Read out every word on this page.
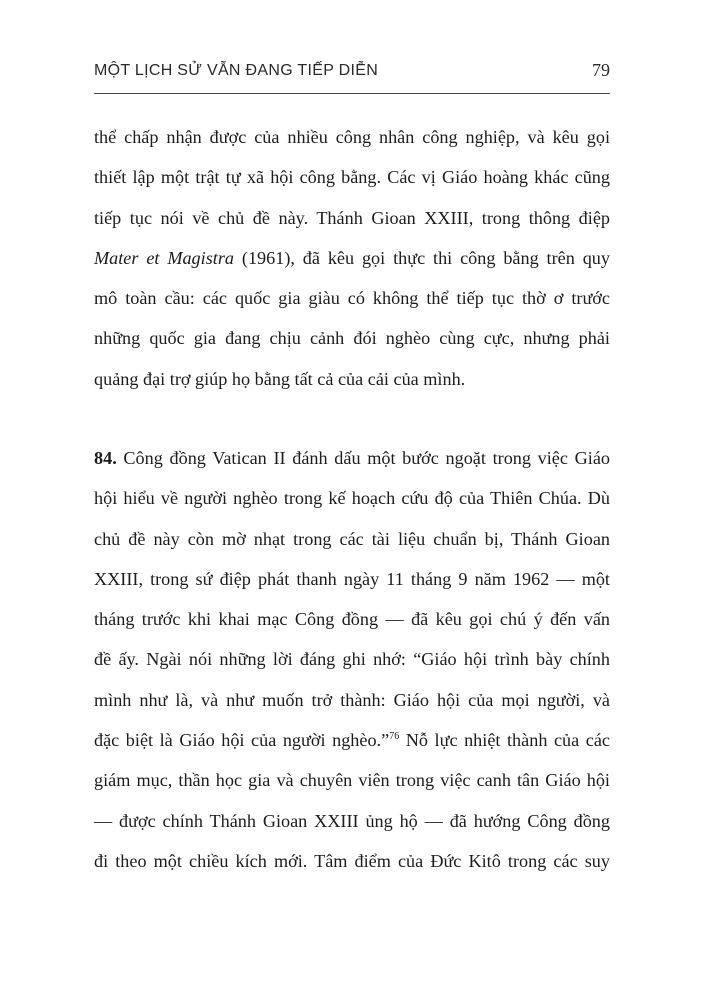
MỘT LỊCH SỬ VẪN ĐANG TIẾP DIỄN	79
thể chấp nhận được của nhiều công nhân công nghiệp, và kêu gọi
thiết lập một trật tự xã hội công bằng. Các vị Giáo hoàng khác cũng
tiếp tục nói về chủ đề này. Thánh Gioan XXIII, trong thông điệp
Mater et Magistra (1961), đã kêu gọi thực thi công bằng trên quy
mô toàn cầu: các quốc gia giàu có không thể tiếp tục thờ ơ trước
những quốc gia đang chịu cảnh đói nghèo cùng cực, nhưng phải
quảng đại trợ giúp họ bằng tất cả của cải của mình.
84. Công đồng Vatican II đánh dấu một bước ngoặt trong việc Giáo
hội hiểu về người nghèo trong kế hoạch cứu độ của Thiên Chúa. Dù
chủ đề này còn mờ nhạt trong các tài liệu chuẩn bị, Thánh Gioan
XXIII, trong sứ điệp phát thanh ngày 11 tháng 9 năm 1962 — một
tháng trước khi khai mạc Công đồng — đã kêu gọi chú ý đến vấn
đề ấy. Ngài nói những lời đáng ghi nhớ: “Giáo hội trình bày chính
mình như là, và như muốn trở thành: Giáo hội của mọi người, và
đặc biệt là Giáo hội của người nghèo.”$^{76}$ Nỗ lực nhiệt thành của các
giám mục, thần học gia và chuyên viên trong việc canh tân Giáo hội
— được chính Thánh Gioan XXIII ủng hộ — đã hướng Công đồng
đi theo một chiều kích mới. Tâm điểm của Đức Kitô trong các suy
